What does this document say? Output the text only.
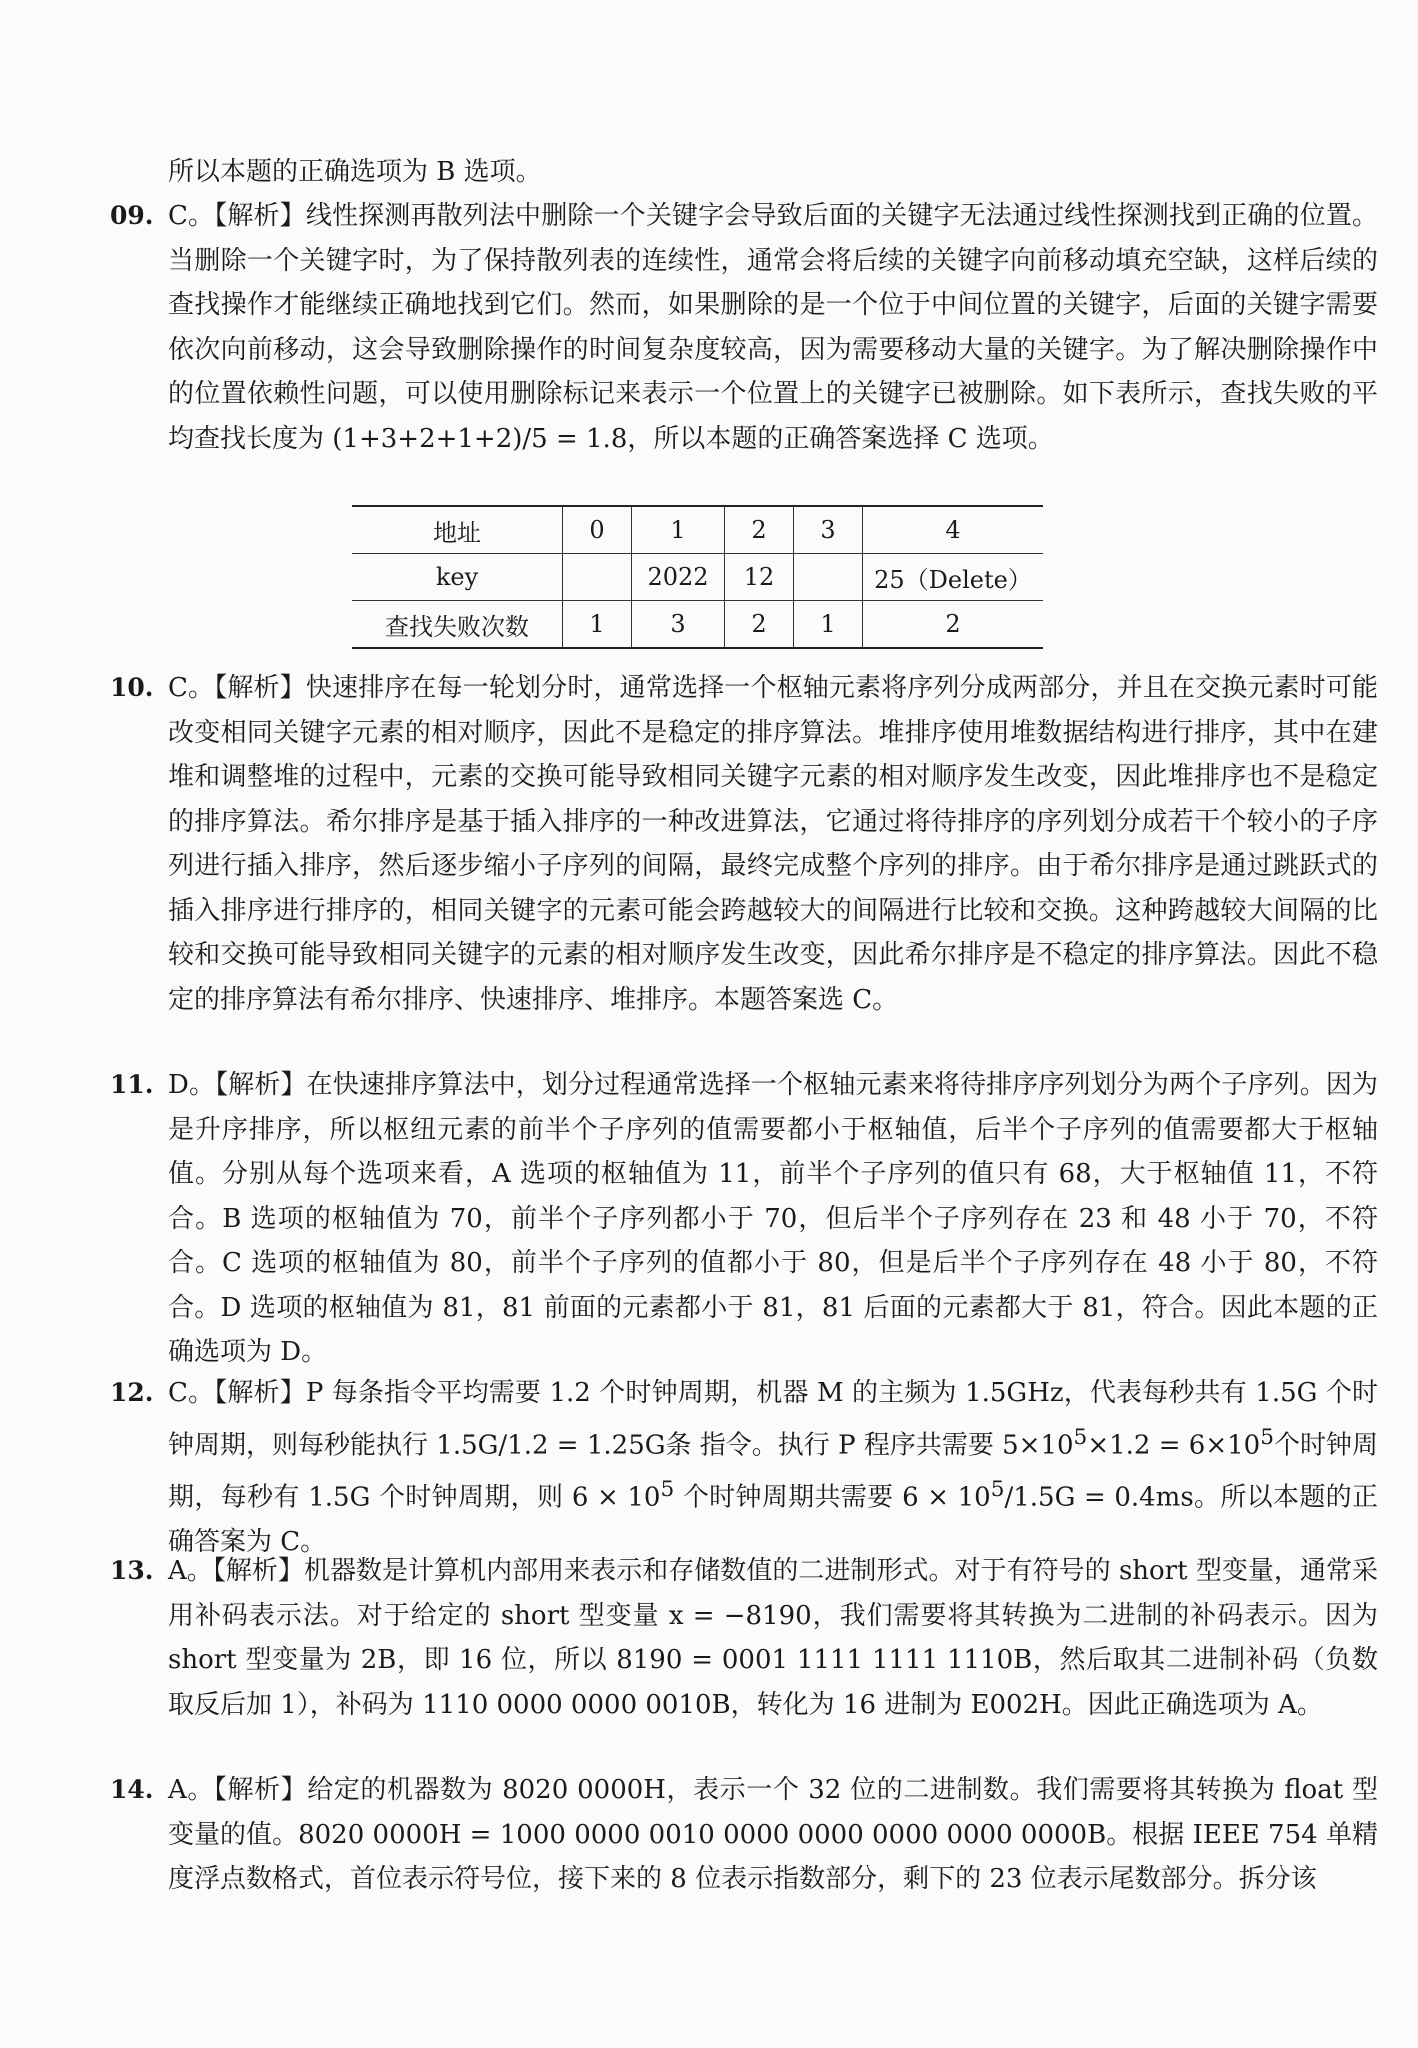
所以本题的正确选项为 B 选项。
09. C。【解析】线性探测再散列法中删除一个关键字会导致后面的关键字无法通过线性探测找到正确的位置。当删除一个关键字时，为了保持散列表的连续性，通常会将后续的关键字向前移动填充空缺，这样后续的查找操作才能继续正确地找到它们。然而，如果删除的是一个位于中间位置的关键字，后面的关键字需要依次向前移动，这会导致删除操作的时间复杂度较高，因为需要移动大量的关键字。为了解决删除操作中的位置依赖性问题，可以使用删除标记来表示一个位置上的关键字已被删除。如下表所示，查找失败的平均查找长度为 (1+3+2+1+2)/5 = 1.8，所以本题的正确答案选择 C 选项。
地址	0	1	2	3	4
key		2022	12		25（Delete）
查找失败次数	1	3	2	1	2
10. C。【解析】快速排序在每一轮划分时，通常选择一个枢轴元素将序列分成两部分，并且在交换元素时可能改变相同关键字元素的相对顺序，因此不是稳定的排序算法。堆排序使用堆数据结构进行排序，其中在建堆和调整堆的过程中，元素的交换可能导致相同关键字元素的相对顺序发生改变，因此堆排序也不是稳定的排序算法。希尔排序是基于插入排序的一种改进算法，它通过将待排序的序列划分成若干个较小的子序列进行插入排序，然后逐步缩小子序列的间隔，最终完成整个序列的排序。由于希尔排序是通过跳跃式的插入排序进行排序的，相同关键字的元素可能会跨越较大的间隔进行比较和交换。这种跨越较大间隔的比较和交换可能导致相同关键字的元素的相对顺序发生改变，因此希尔排序是不稳定的排序算法。因此不稳定的排序算法有希尔排序、快速排序、堆排序。本题答案选 C。
11. D。【解析】在快速排序算法中，划分过程通常选择一个枢轴元素来将待排序序列划分为两个子序列。因为是升序排序，所以枢纽元素的前半个子序列的值需要都小于枢轴值，后半个子序列的值需要都大于枢轴值。分别从每个选项来看，A 选项的枢轴值为 11，前半个子序列的值只有 68，大于枢轴值 11，不符合。B 选项的枢轴值为 70，前半个子序列都小于 70，但后半个子序列存在 23 和 48 小于 70，不符合。C 选项的枢轴值为 80，前半个子序列的值都小于 80，但是后半个子序列存在 48 小于 80，不符合。D 选项的枢轴值为 81，81 前面的元素都小于 81，81 后面的元素都大于 81，符合。因此本题的正确选项为 D。
12. C。【解析】P 每条指令平均需要 1.2 个时钟周期，机器 M 的主频为 1.5GHz，代表每秒共有 1.5G 个时钟周期，则每秒能执行 1.5G/1.2 = 1.25G条 指令。执行 P 程序共需要 $5\times 10^5\times 1.2 = 6\times 10^5$个时钟周期，每秒有 1.5G 个时钟周期，则 $6 \times 10^5$ 个时钟周期共需要 $6 \times 10^5/1.5G = 0.4ms$。所以本题的正确答案为 C。
13. A。【解析】机器数是计算机内部用来表示和存储数值的二进制形式。对于有符号的 short 型变量，通常采用补码表示法。对于给定的 short 型变量 x = −8190，我们需要将其转换为二进制的补码表示。因为 short 型变量为 2B，即 16 位，所以 8190 = 0001 1111 1111 1110B，然后取其二进制补码（负数取反后加 1），补码为 1110 0000 0000 0010B，转化为 16 进制为 E002H。因此正确选项为 A。
14. A。【解析】给定的机器数为 8020 0000H，表示一个 32 位的二进制数。我们需要将其转换为 float 型变量的值。8020 0000H = 1000 0000 0010 0000 0000 0000 0000 0000B。根据 IEEE 754 单精度浮点数格式，首位表示符号位，接下来的 8 位表示指数部分，剩下的 23 位表示尾数部分。拆分该
